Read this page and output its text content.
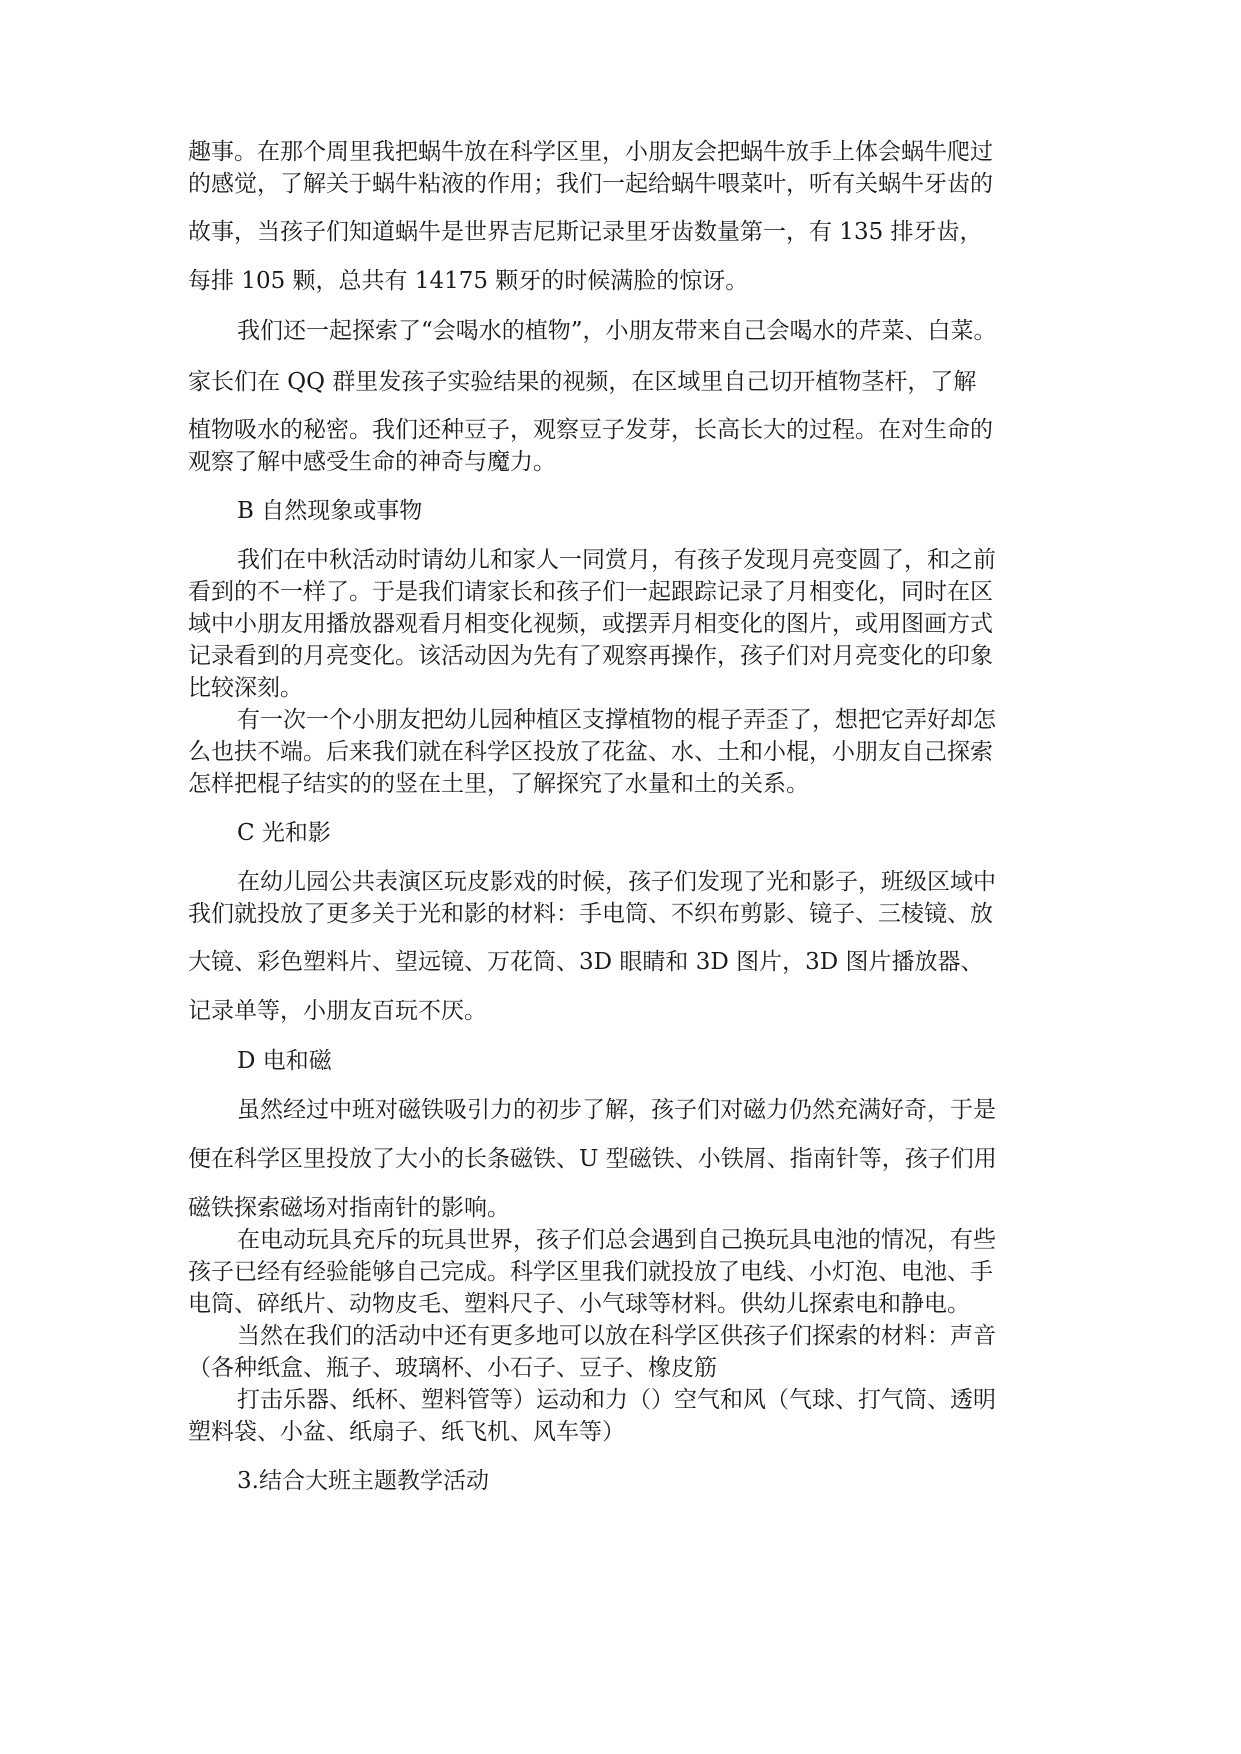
趣事。在那个周里我把蜗牛放在科学区里，小朋友会把蜗牛放手上体会蜗牛爬过
的感觉，了解关于蜗牛粘液的作用；我们一起给蜗牛喂菜叶，听有关蜗牛牙齿的
故事，当孩子们知道蜗牛是世界吉尼斯记录里牙齿数量第一，有 135 排牙齿，
每排 105 颗，总共有 14175 颗牙的时候满脸的惊讶。
我们还一起探索了“会喝水的植物”，小朋友带来自己会喝水的芹菜、白菜。
家长们在 QQ 群里发孩子实验结果的视频，在区域里自己切开植物茎杆，了解
植物吸水的秘密。我们还种豆子，观察豆子发芽，长高长大的过程。在对生命的
观察了解中感受生命的神奇与魔力。
B 自然现象或事物
我们在中秋活动时请幼儿和家人一同赏月，有孩子发现月亮变圆了，和之前
看到的不一样了。于是我们请家长和孩子们一起跟踪记录了月相变化，同时在区
域中小朋友用播放器观看月相变化视频，或摆弄月相变化的图片，或用图画方式
记录看到的月亮变化。该活动因为先有了观察再操作，孩子们对月亮变化的印象
比较深刻。
有一次一个小朋友把幼儿园种植区支撑植物的棍子弄歪了，想把它弄好却怎
么也扶不端。后来我们就在科学区投放了花盆、水、土和小棍，小朋友自己探索
怎样把棍子结实的的竖在土里，了解探究了水量和土的关系。
C 光和影
在幼儿园公共表演区玩皮影戏的时候，孩子们发现了光和影子，班级区域中
我们就投放了更多关于光和影的材料：手电筒、不织布剪影、镜子、三棱镜、放
大镜、彩色塑料片、望远镜、万花筒、3D 眼睛和 3D 图片，3D 图片播放器、
记录单等，小朋友百玩不厌。
D 电和磁
虽然经过中班对磁铁吸引力的初步了解，孩子们对磁力仍然充满好奇，于是
便在科学区里投放了大小的长条磁铁、U 型磁铁、小铁屑、指南针等，孩子们用
磁铁探索磁场对指南针的影响。
在电动玩具充斥的玩具世界，孩子们总会遇到自己换玩具电池的情况，有些
孩子已经有经验能够自己完成。科学区里我们就投放了电线、小灯泡、电池、手
电筒、碎纸片、动物皮毛、塑料尺子、小气球等材料。供幼儿探索电和静电。
当然在我们的活动中还有更多地可以放在科学区供孩子们探索的材料：声音
（各种纸盒、瓶子、玻璃杯、小石子、豆子、橡皮筋
打击乐器、纸杯、塑料管等）运动和力（）空气和风（气球、打气筒、透明
塑料袋、小盆、纸扇子、纸飞机、风车等）
3.结合大班主题教学活动
